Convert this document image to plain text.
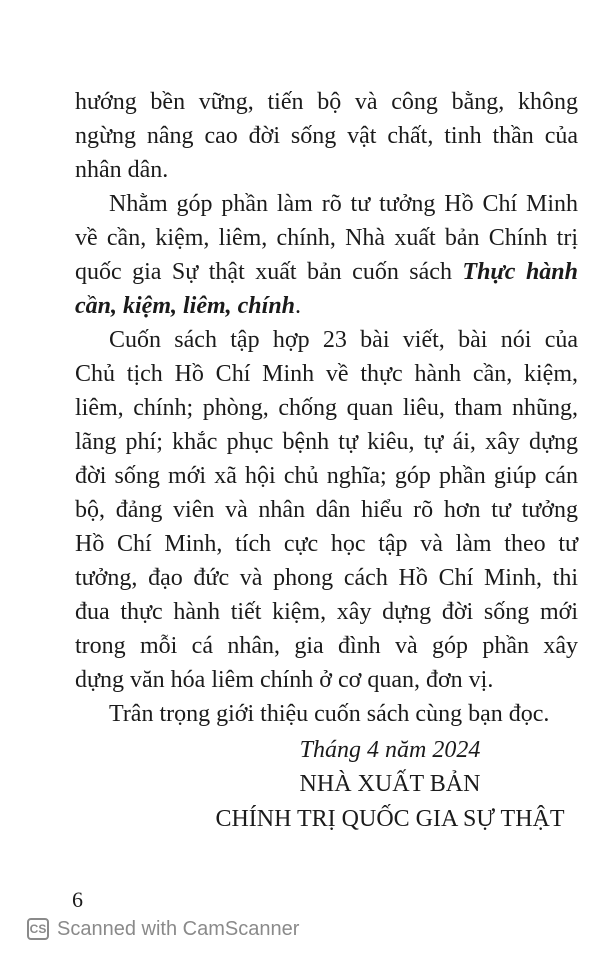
hướng bền vững, tiến bộ và công bằng, không
ngừng nâng cao đời sống vật chất, tinh thần của
nhân dân.
Nhằm góp phần làm rõ tư tưởng Hồ Chí Minh
về cần, kiệm, liêm, chính, Nhà xuất bản Chính trị
quốc gia Sự thật xuất bản cuốn sách Thực hành
cần, kiệm, liêm, chính.
Cuốn sách tập hợp 23 bài viết, bài nói của
Chủ tịch Hồ Chí Minh về thực hành cần, kiệm,
liêm, chính; phòng, chống quan liêu, tham nhũng,
lãng phí; khắc phục bệnh tự kiêu, tự ái, xây dựng
đời sống mới xã hội chủ nghĩa; góp phần giúp cán
bộ, đảng viên và nhân dân hiểu rõ hơn tư tưởng
Hồ Chí Minh, tích cực học tập và làm theo tư
tưởng, đạo đức và phong cách Hồ Chí Minh, thi
đua thực hành tiết kiệm, xây dựng đời sống mới
trong mỗi cá nhân, gia đình và góp phần xây
dựng văn hóa liêm chính ở cơ quan, đơn vị.
Trân trọng giới thiệu cuốn sách cùng bạn đọc.
Tháng 4 năm 2024
NHÀ XUẤT BẢN
CHÍNH TRỊ QUỐC GIA SỰ THẬT
6
CS Scanned with CamScanner
